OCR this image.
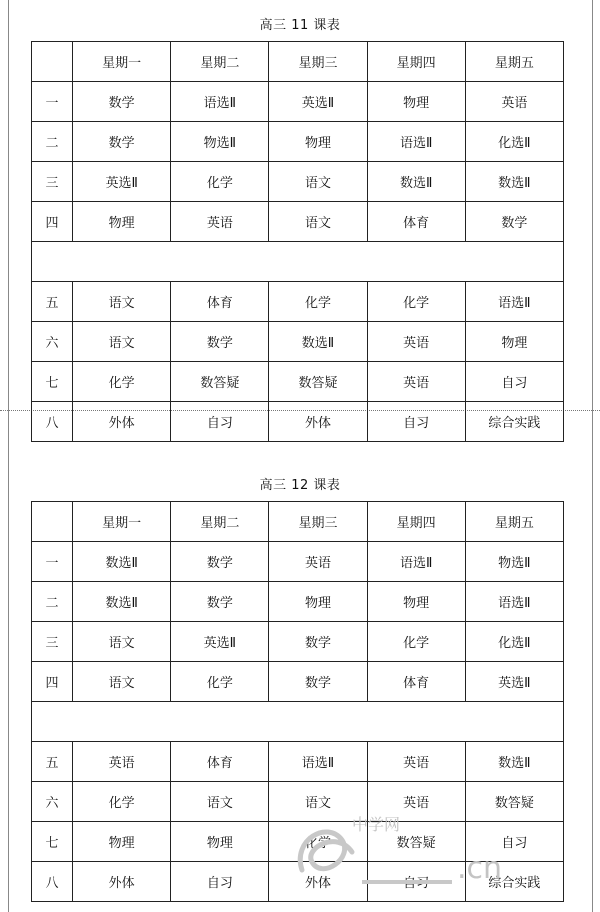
高三 11 课表
	星期一	星期二	星期三	星期四	星期五
一	数学	语选Ⅱ	英选Ⅱ	物理	英语
二	数学	物选Ⅱ	物理	语选Ⅱ	化选Ⅱ
三	英选Ⅱ	化学	语文	数选Ⅱ	数选Ⅱ
四	物理	英语	语文	体育	数学

五	语文	体育	化学	化学	语选Ⅱ
六	语文	数学	数选Ⅱ	英语	物理
七	化学	数答疑	数答疑	英语	自习
八	外体	自习	外体	自习	综合实践
高三 12 课表
	星期一	星期二	星期三	星期四	星期五
一	数选Ⅱ	数学	英语	语选Ⅱ	物选Ⅱ
二	数选Ⅱ	数学	物理	物理	语选Ⅱ
三	语文	英选Ⅱ	数学	化学	化选Ⅱ
四	语文	化学	数学	体育	英选Ⅱ

五	英语	体育	语选Ⅱ	英语	数选Ⅱ
六	化学	语文	语文	英语	数答疑
七	物理	物理	化学	数答疑	自习
八	外体	自习	外体	自习	综合实践
中学网
.cn
